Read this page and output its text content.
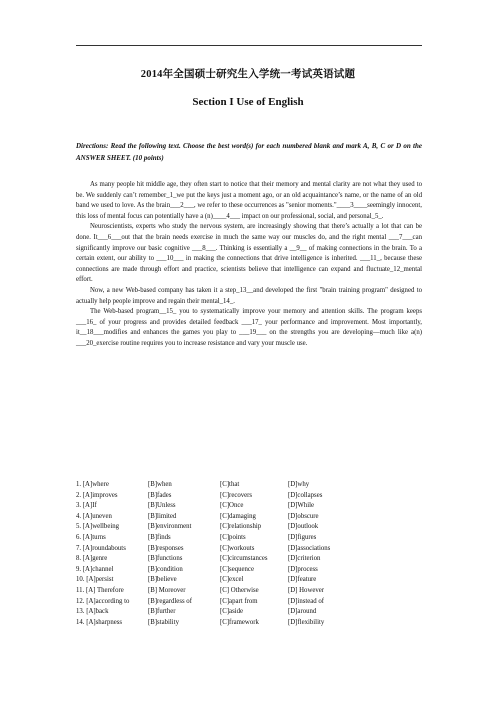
2014年全国硕士研究生入学统一考试英语试题
Section I Use of English
Directions: Read the following text. Choose the best word(s) for each numbered blank and mark A, B, C or D on the ANSWER SHEET. (10 points)

As many people hit middle age, they often start to notice that their memory and mental clarity are not what they used to be. We suddenly can’t remember_1_we put the keys just a moment ago, or an old acquaintance’s name, or the name of an old band we used to love. As the brain___2___, we refer to these occurrences as "senior moments."____3____seemingly innocent, this loss of mental focus can potentially have a (n)____4___ impact on our professional, social, and personal_5_.

Neuroscientists, experts who study the nervous system, are increasingly showing that there’s actually a lot that can be done. It___6___out that the brain needs exercise in much the same way our muscles do, and the right mental ___7___can significantly improve our basic cognitive ___8___. Thinking is essentially a __9__ of making connections in the brain. To a certain extent, our ability to ___10___ in making the connections that drive intelligence is inherited. ___11_, because these connections are made through effort and practice, scientists believe that intelligence can expand and fluctuate_12_mental effort.

Now, a new Web-based company has taken it a step_13__and developed the first "brain training program" designed to actually help people improve and regain their mental_14_.

The Web-based program__15_ you to systematically improve your memory and attention skills. The program keeps ___16_ of your progress and provides detailed feedback ___17_ your performance and improvement. Most importantly, it__18___modifies and enhances the games you play to ___19___ on the strengths you are developing—much like a(n) ___20_exercise routine requires you to increase resistance and vary your muscle use.

1. [A]where	[B]when	[C]that	[D]why
2. [A]improves	[B]fades	[C]recovers	[D]collapses
3. [A]If	[B]Unless	[C]Once	[D]While
4. [A]uneven	[B]limited	[C]damaging	[D]obscure
5. [A]wellbeing	[B]environment	[C]relationship	[D]outlook
6. [A]turns	[B]finds	[C]points	[D]figures
7. [A]roundabouts	[B]responses	[C]workouts	[D]associations
8. [A]genre	[B]functions	[C]circumstances	[D]criterion
9. [A]channel	[B]condition	[C]sequence	[D]process
10. [A]persist	[B]believe	[C]excel	[D]feature
11. [A] Therefore	[B] Moreover	[C] Otherwise	[D] However
12. [A]according to	[B]regardless of	[C]apart from	[D]instead of
13. [A]back	[B]further	[C]aside	[D]around
14. [A]sharpness	[B]stability	[C]framework	[D]flexibility
